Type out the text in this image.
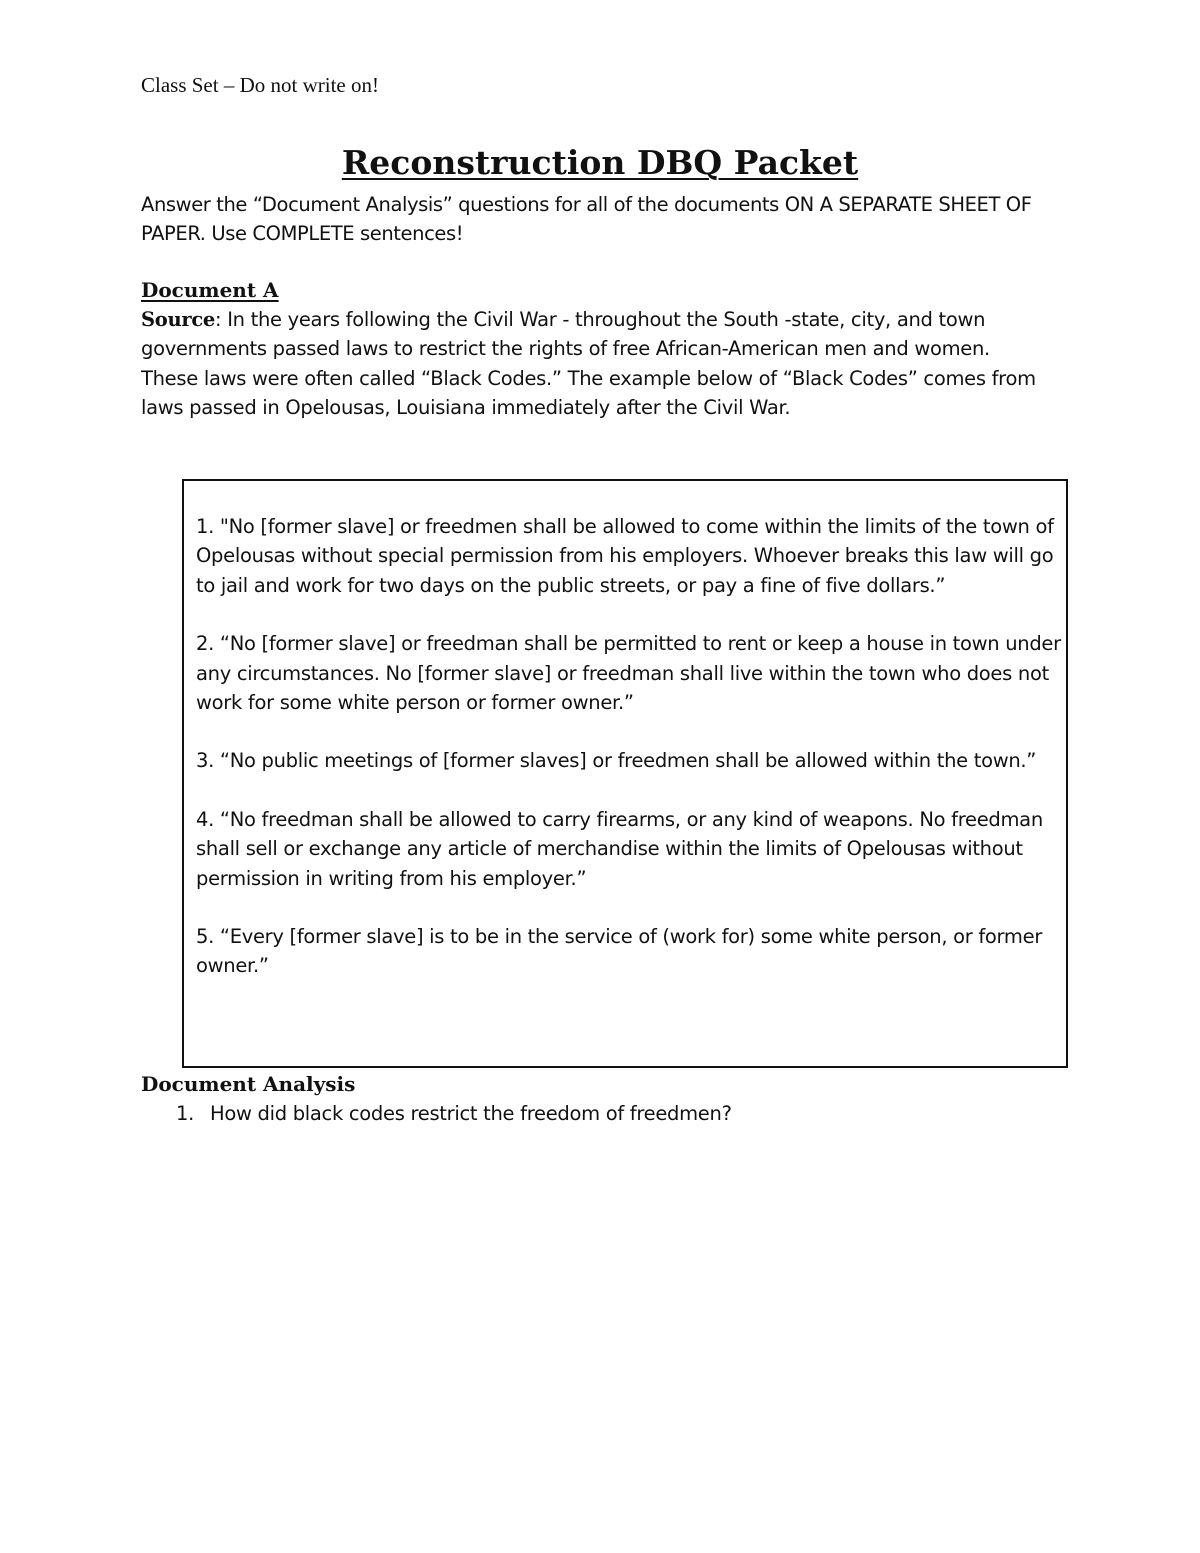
Class Set – Do not write on!
Reconstruction DBQ Packet
Answer the “Document Analysis” questions for all of the documents ON A SEPARATE SHEET OF PAPER. Use COMPLETE sentences!
Document A
Source: In the years following the Civil War - throughout the South -state, city, and town governments passed laws to restrict the rights of free African-American men and women. These laws were often called “Black Codes.” The example below of “Black Codes” comes from laws passed in Opelousas, Louisiana immediately after the Civil War.

1. "No [former slave] or freedmen shall be allowed to come within the limits of the town of Opelousas without special permission from his employers. Whoever breaks this law will go to jail and work for two days on the public streets, or pay a fine of five dollars.”

2. “No [former slave] or freedman shall be permitted to rent or keep a house in town under any circumstances. No [former slave] or freedman shall live within the town who does not work for some white person or former owner.”

3. “No public meetings of [former slaves] or freedmen shall be allowed within the town.”

4. “No freedman shall be allowed to carry firearms, or any kind of weapons. No freedman shall sell or exchange any article of merchandise within the limits of Opelousas without permission in writing from his employer.”

5. “Every [former slave] is to be in the service of (work for) some white person, or former owner.”

Document Analysis
1. How did black codes restrict the freedom of freedmen?
